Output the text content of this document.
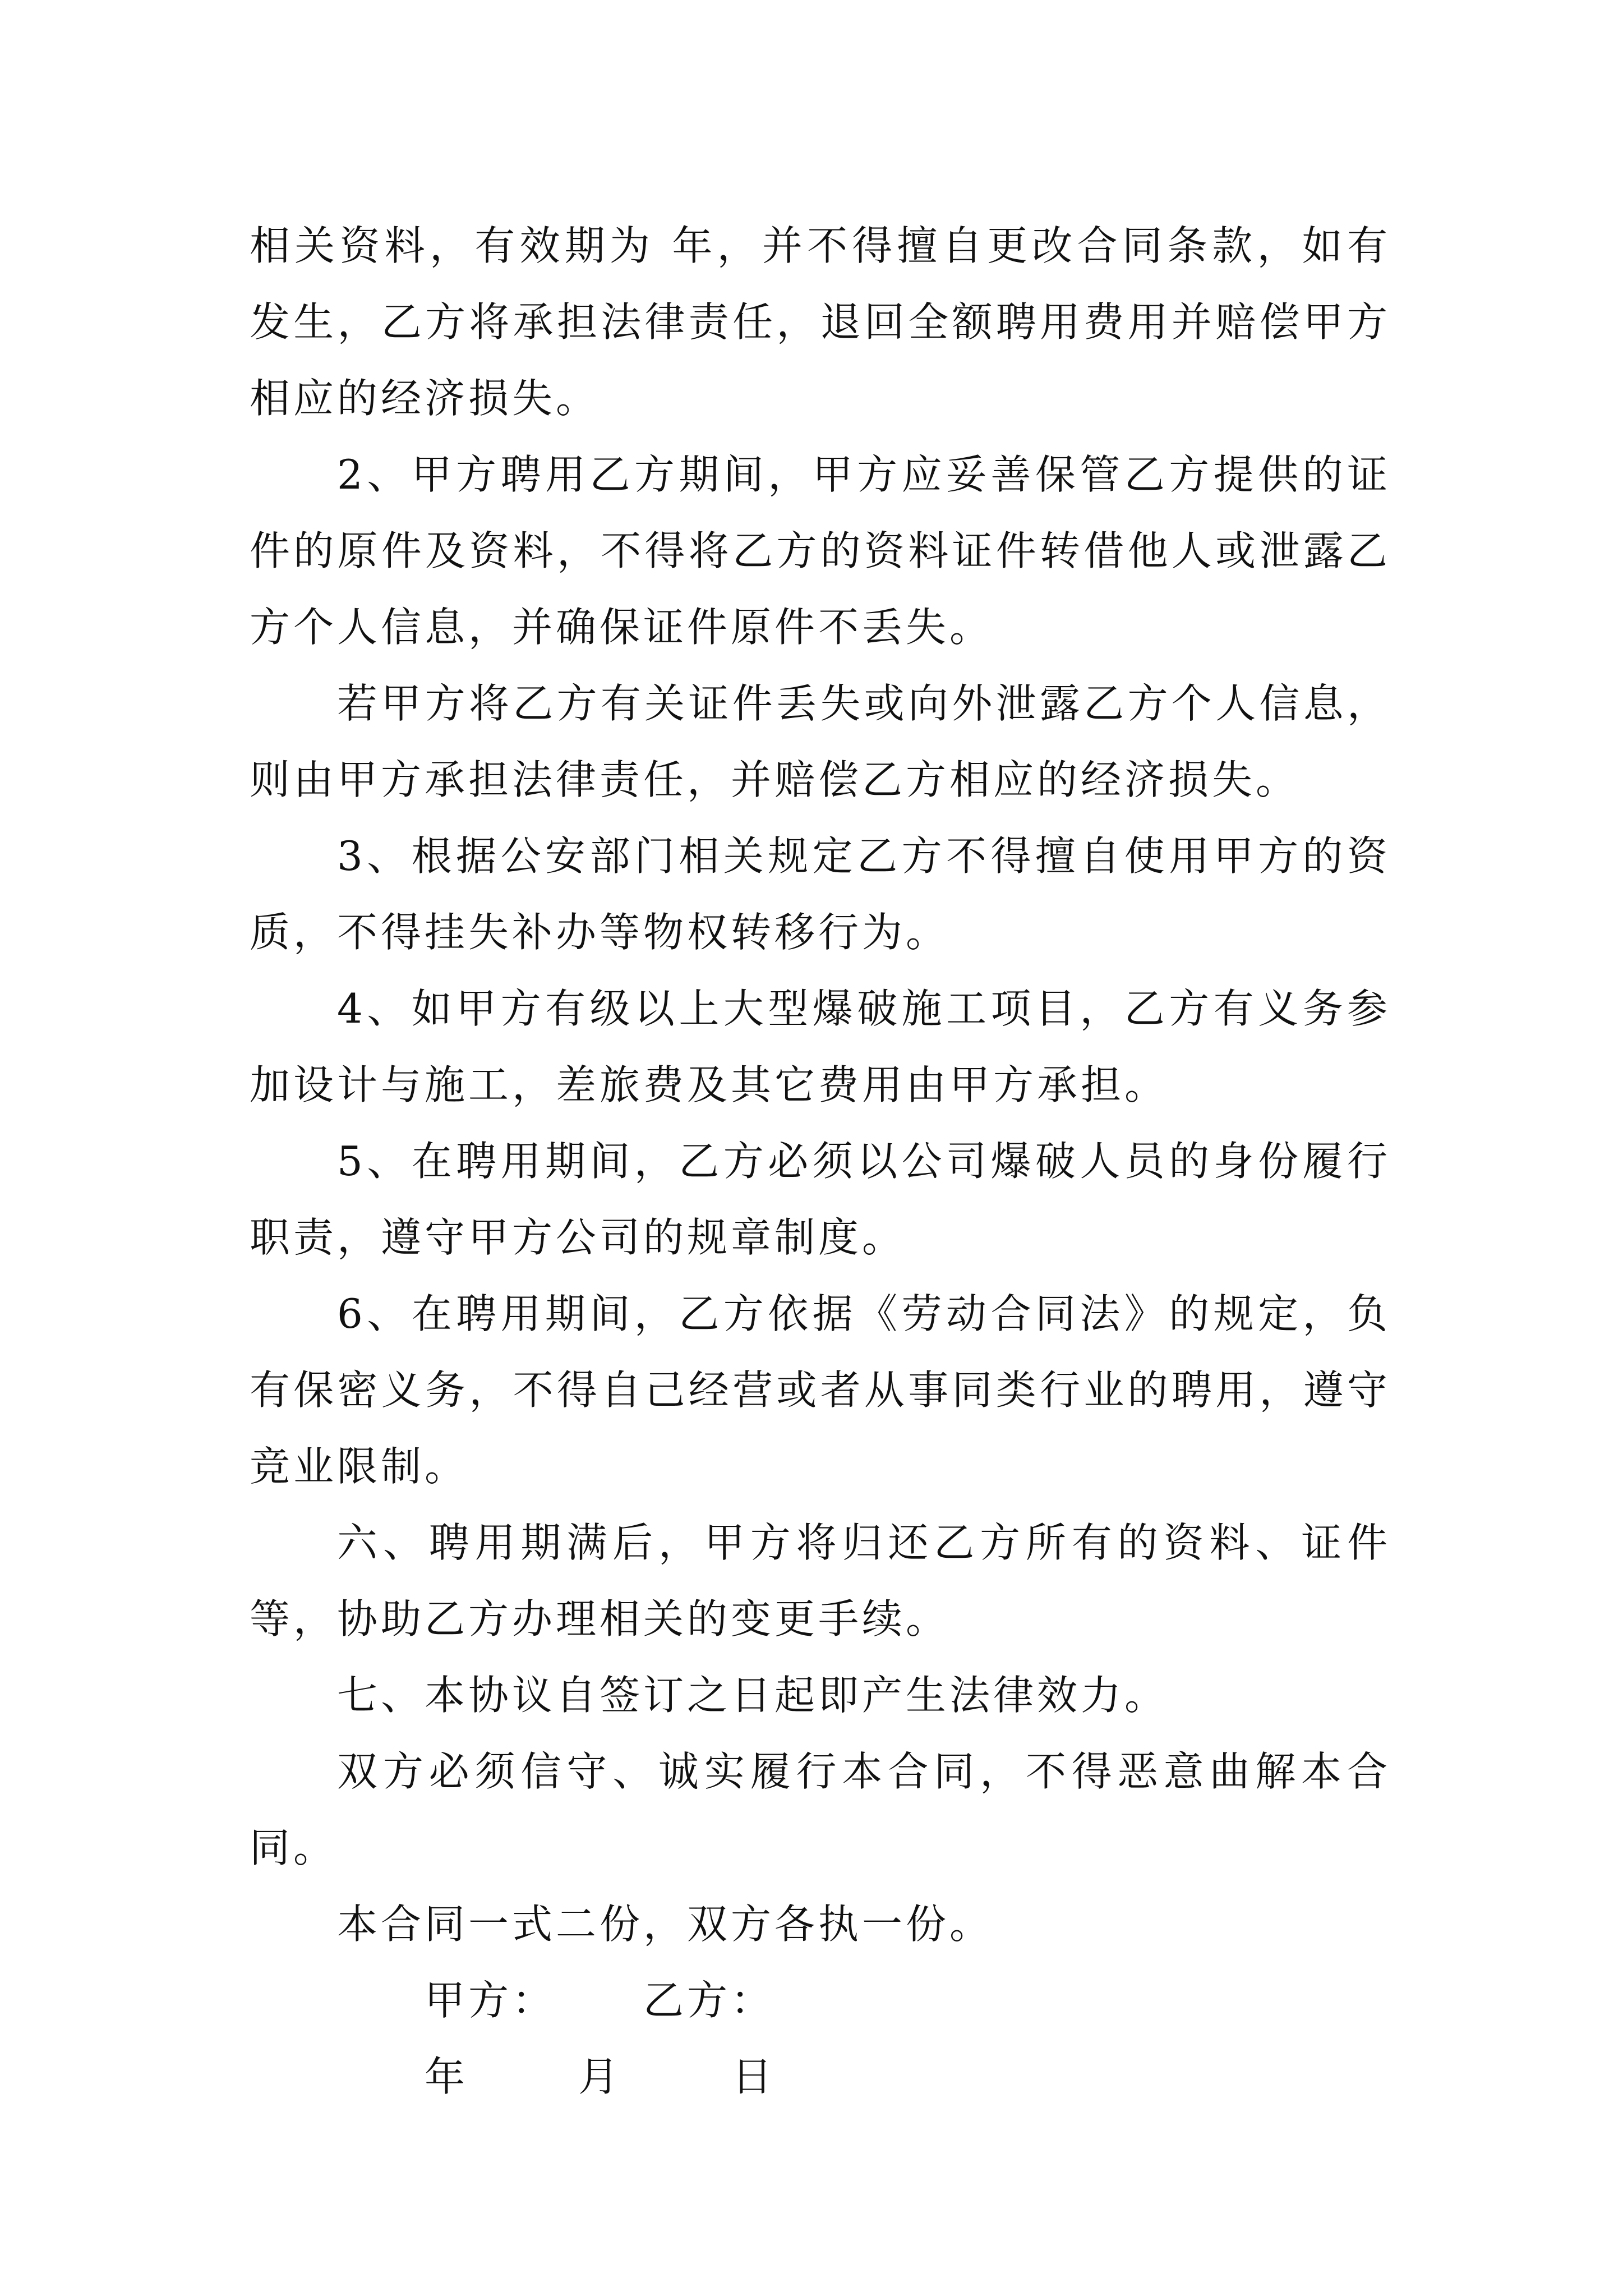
相关资料，有效期为 年，并不得擅自更改合同条款，如有发生，乙方将承担法律责任，退回全额聘用费用并赔偿甲方相应的经济损失。

2、甲方聘用乙方期间，甲方应妥善保管乙方提供的证件的原件及资料，不得将乙方的资料证件转借他人或泄露乙方个人信息，并确保证件原件不丢失。

若甲方将乙方有关证件丢失或向外泄露乙方个人信息，则由甲方承担法律责任，并赔偿乙方相应的经济损失。

3、根据公安部门相关规定乙方不得擅自使用甲方的资质，不得挂失补办等物权转移行为。

4、如甲方有级以上大型爆破施工项目，乙方有义务参加设计与施工，差旅费及其它费用由甲方承担。

5、在聘用期间，乙方必须以公司爆破人员的身份履行职责，遵守甲方公司的规章制度。

6、在聘用期间，乙方依据《劳动合同法》的规定，负有保密义务，不得自己经营或者从事同类行业的聘用，遵守竞业限制。

六、聘用期满后，甲方将归还乙方所有的资料、证件等，协助乙方办理相关的变更手续。

七、本协议自签订之日起即产生法律效力。

双方必须信守、诚实履行本合同，不得恶意曲解本合同。

本合同一式二份，双方各执一份。

甲方： 乙方：

年	月	日
